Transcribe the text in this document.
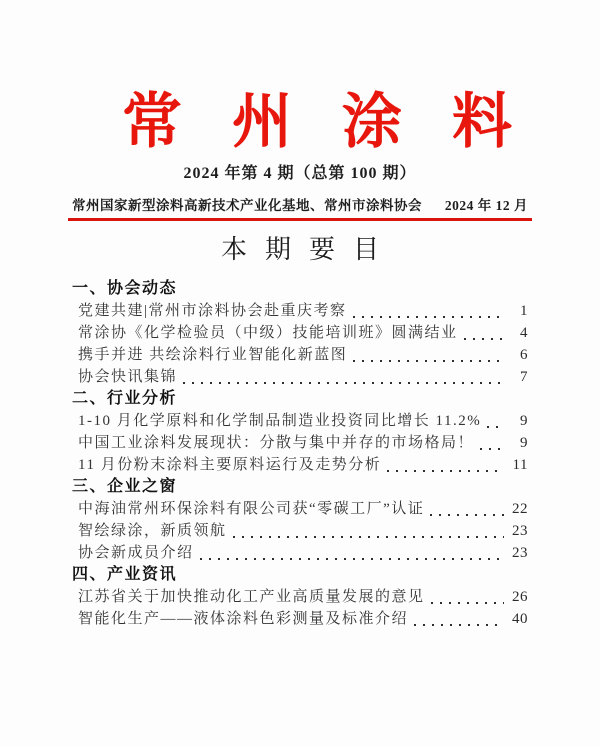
常州涂料
2024 年第 4 期（总第 100 期）
常州国家新型涂料高新技术产业化基地、常州市涂料协会 2024 年 12 月
本期要目
一、协会动态
党建共建|常州市涂料协会赴重庆考察	1
常涂协《化学检验员（中级）技能培训班》圆满结业	4
携手并进 共绘涂料行业智能化新蓝图	6
协会快讯集锦	7
二、行业分析
1-10 月化学原料和化学制品制造业投资同比增长 11.2%	9
中国工业涂料发展现状：分散与集中并存的市场格局！	9
11 月份粉末涂料主要原料运行及走势分析	11
三、企业之窗
中海油常州环保涂料有限公司获“零碳工厂”认证	22
智绘绿涂，新质领航	23
协会新成员介绍	23
四、产业资讯
江苏省关于加快推动化工产业高质量发展的意见	26
智能化生产——液体涂料色彩测量及标准介绍	40
